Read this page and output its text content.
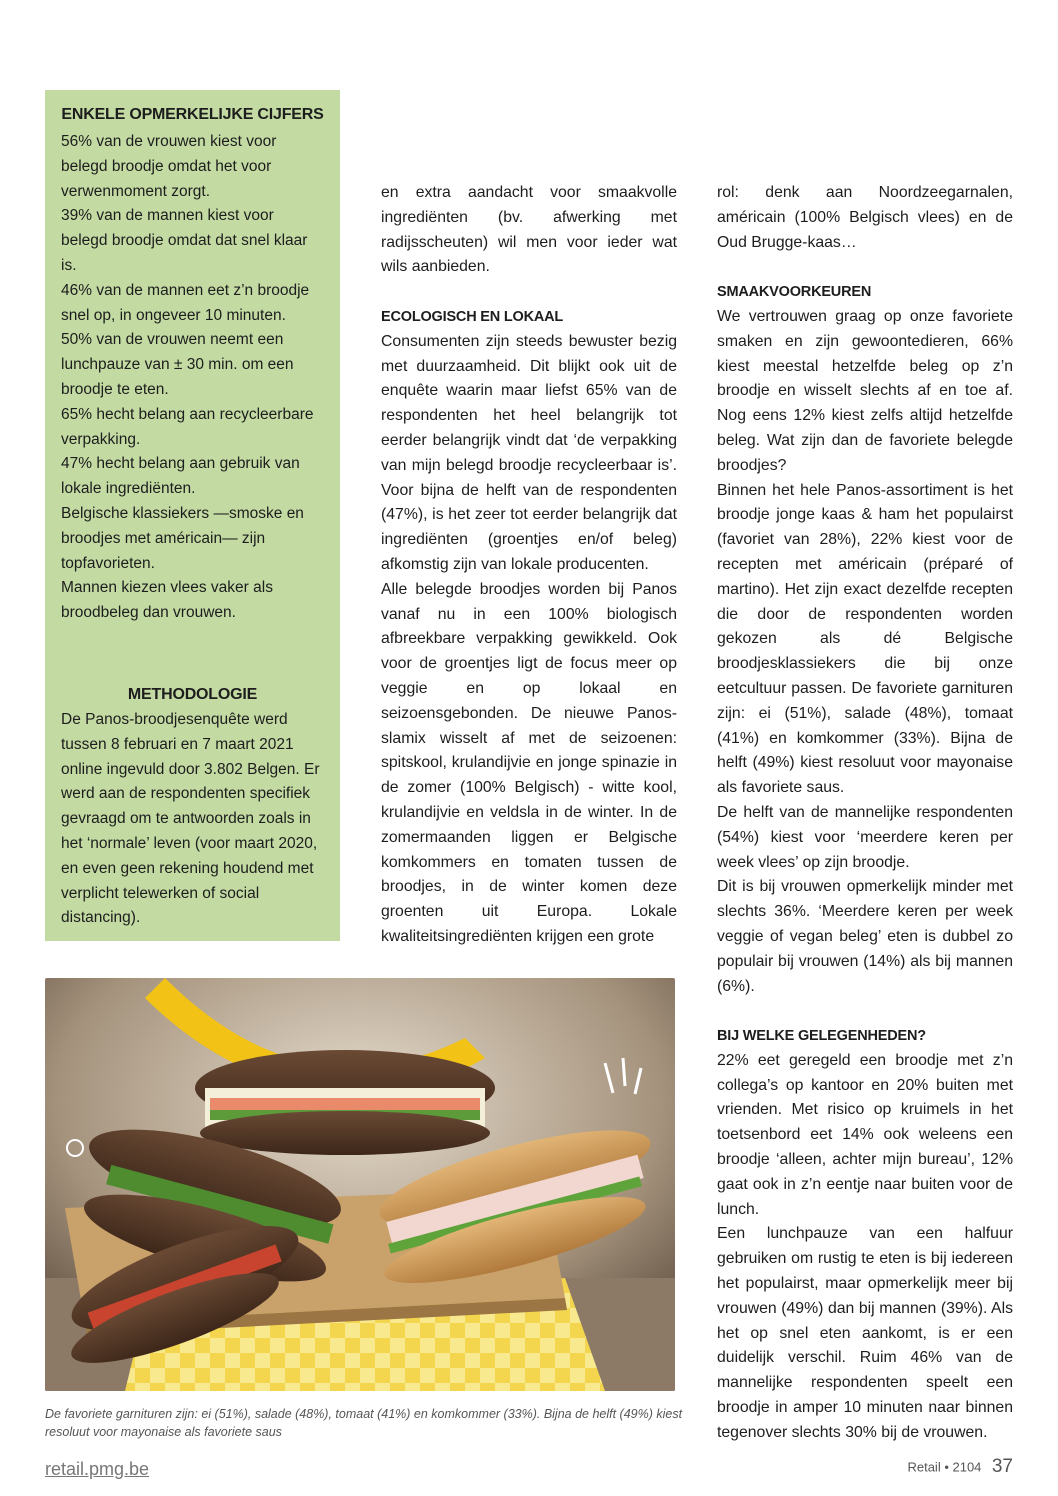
ENKELE OPMERKELIJKE CIJFERS

56% van de vrouwen kiest voor belegd broodje omdat het voor verwenmoment zorgt.

39% van de mannen kiest voor belegd broodje omdat dat snel klaar is.

46% van de mannen eet z’n broodje snel op, in ongeveer 10 minuten.

50% van de vrouwen neemt een lunchpauze van ± 30 min. om een broodje te eten.

65% hecht belang aan recycleerbare verpakking.

47% hecht belang aan gebruik van lokale ingrediënten.

Belgische klassiekers —smoske en broodjes met américain— zijn topfavorieten.

Mannen kiezen vlees vaker als broodbeleg dan vrouwen.

METHODOLOGIE

De Panos-broodjesenquête werd tussen 8 februari en 7 maart 2021 online ingevuld door 3.802 Belgen. Er werd aan de respondenten specifiek gevraagd om te antwoorden zoals in het ‘normale’ leven (voor maart 2020, en even geen rekening houdend met verplicht telewerken of social distancing).

en extra aandacht voor smaakvolle ingrediënten (bv. afwerking met radijsscheuten) wil men voor ieder wat wils aanbieden.

ECOLOGISCH EN LOKAAL

Consumenten zijn steeds bewuster bezig met duurzaamheid. Dit blijkt ook uit de enquête waarin maar liefst 65% van de respondenten het heel belangrijk tot eerder belangrijk vindt dat ‘de verpakking van mijn belegd broodje recycleerbaar is’. Voor bijna de helft van de respondenten (47%), is het zeer tot eerder belangrijk dat ingrediënten (groentjes en/of beleg) afkomstig zijn van lokale producenten.

Alle belegde broodjes worden bij Panos vanaf nu in een 100% biologisch afbreekbare verpakking gewikkeld. Ook voor de groentjes ligt de focus meer op veggie en op lokaal en seizoensgebonden. De nieuwe Panos-slamix wisselt af met de seizoenen: spitskool, krulandijvie en jonge spinazie in de zomer (100% Belgisch) - witte kool, krulandijvie en veldsla in de winter. In de zomermaanden liggen er Belgische komkommers en tomaten tussen de broodjes, in de winter komen deze groenten uit Europa. Lokale kwaliteitsingrediënten krijgen een grote

rol: denk aan Noordzeegarnalen, américain (100% Belgisch vlees) en de Oud Brugge-kaas…

SMAAKVOORKEUREN

We vertrouwen graag op onze favoriete smaken en zijn gewoontedieren, 66% kiest meestal hetzelfde beleg op z’n broodje en wisselt slechts af en toe af. Nog eens 12% kiest zelfs altijd hetzelfde beleg. Wat zijn dan de favoriete belegde broodjes?

Binnen het hele Panos-assortiment is het broodje jonge kaas & ham het populairst (favoriet van 28%), 22% kiest voor de recepten met américain (préparé of martino). Het zijn exact dezelfde recepten die door de respondenten worden gekozen als dé Belgische broodjesklassiekers die bij onze eetcultuur passen. De favoriete garnituren zijn: ei (51%), salade (48%), tomaat (41%) en komkommer (33%). Bijna de helft (49%) kiest resoluut voor mayonaise als favoriete saus.

De helft van de mannelijke respondenten (54%) kiest voor ‘meerdere keren per week vlees’ op zijn broodje.

Dit is bij vrouwen opmerkelijk minder met slechts 36%. ‘Meerdere keren per week veggie of vegan beleg’ eten is dubbel zo populair bij vrouwen (14%) als bij mannen (6%).

BIJ WELKE GELEGENHEDEN?

22% eet geregeld een broodje met z’n collega’s op kantoor en 20% buiten met vrienden. Met risico op kruimels in het toetsenbord eet 14% ook weleens een broodje ‘alleen, achter mijn bureau’, 12% gaat ook in z’n eentje naar buiten voor de lunch.

Een lunchpauze van een halfuur gebruiken om rustig te eten is bij iedereen het populairst, maar opmerkelijk meer bij vrouwen (49%) dan bij mannen (39%). Als het op snel eten aankomt, is er een duidelijk verschil. Ruim 46% van de mannelijke respondenten speelt een broodje in amper 10 minuten naar binnen tegenover slechts 30% bij de vrouwen.

De favoriete garnituren zijn: ei (51%), salade (48%), tomaat (41%) en komkommer (33%). Bijna de helft (49%) kiest resoluut voor mayonaise als favoriete saus
retail.pmg.be	Retail • 2104 37
